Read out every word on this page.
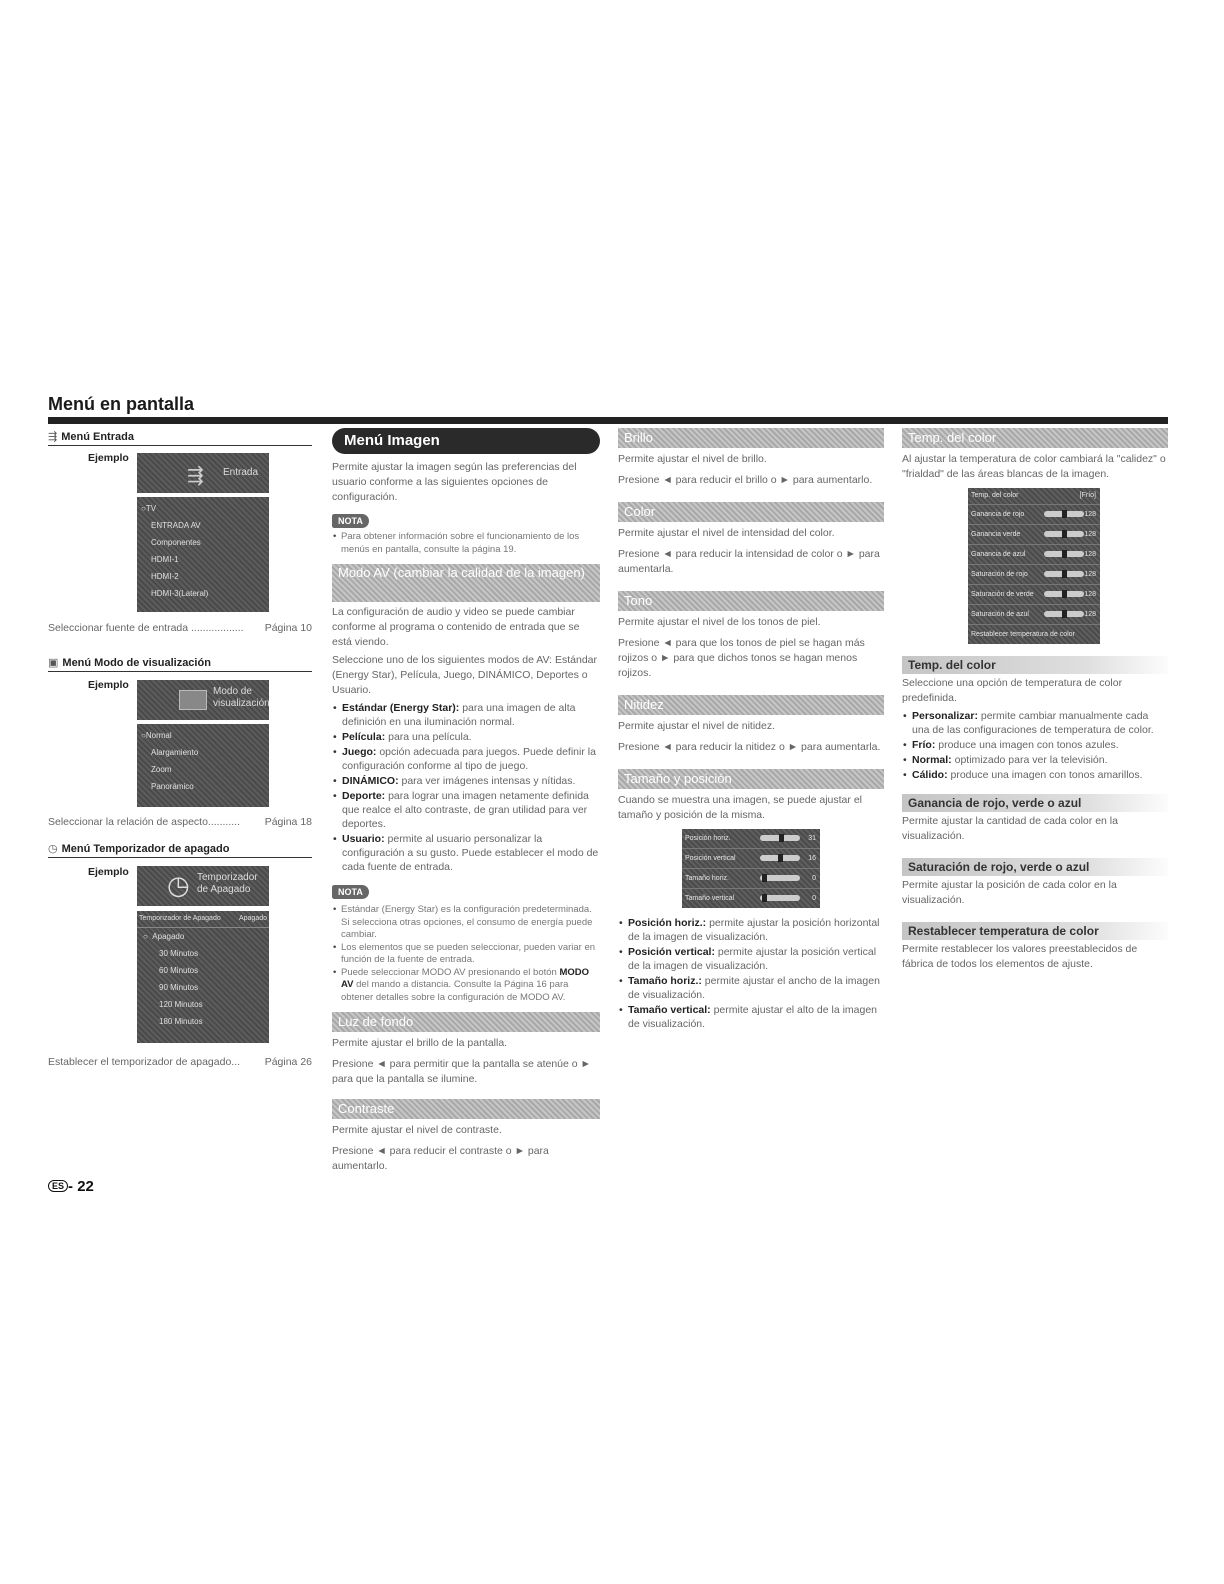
Menú en pantalla
⇶ Menú Entrada
Ejemplo
⇶ Entrada
○TV
ENTRADA AV
Componentes
HDMI-1
HDMI-2
HDMI-3(Lateral)
Seleccionar fuente de entrada .................. Página 10
▣ Menú Modo de visualización
Ejemplo
Modo de visualización
○Normal
Alargamiento
Zoom
Panorámico
Seleccionar la relación de aspecto........... Página 18
◷ Menú Temporizador de apagado
Ejemplo ◷ Temporizador de Apagado
Temporizador de Apagado	Apagado
○  Apagado
30 Minutos
60 Minutos
90 Minutos
120 Minutos
180 Minutos
Establecer el temporizador de apagado... Página 26
ES - 22
Menú Imagen

Permite ajustar la imagen según las preferencias del usuario conforme a las siguientes opciones de configuración.

NOTA
• Para obtener información sobre el funcionamiento de los menús en pantalla, consulte la página 19.
Modo AV (cambiar la calidad de la imagen)

La configuración de audio y video se puede cambiar conforme al programa o contenido de entrada que se está viendo.

Seleccione uno de los siguientes modos de AV: Estándar (Energy Star), Película, Juego, DINÁMICO, Deportes o Usuario.

• Estándar (Energy Star): para una imagen de alta definición en una iluminación normal.
• Película: para una película.
• Juego: opción adecuada para juegos. Puede definir la configuración conforme al tipo de juego.
• DINÁMICO: para ver imágenes intensas y nítidas.
• Deporte: para lograr una imagen netamente definida que realce el alto contraste, de gran utilidad para ver deportes.
• Usuario: permite al usuario personalizar la configuración a su gusto. Puede establecer el modo de cada fuente de entrada.
NOTA
• Estándar (Energy Star) es la configuración predeterminada. Si selecciona otras opciones, el consumo de energía puede cambiar.
• Los elementos que se pueden seleccionar, pueden variar en función de la fuente de entrada.
• Puede seleccionar MODO AV presionando el botón MODO AV del mando a distancia. Consulte la Página 16 para obtener detalles sobre la configuración de MODO AV.
Luz de fondo

Permite ajustar el brillo de la pantalla.

Presione ◄ para permitir que la pantalla se atenúe o ► para que la pantalla se ilumine.

Contraste

Permite ajustar el nivel de contraste.

Presione ◄ para reducir el contraste o ► para aumentarlo.

Brillo

Permite ajustar el nivel de brillo.

Presione ◄ para reducir el brillo o ► para aumentarlo.

Color

Permite ajustar el nivel de intensidad del color.

Presione ◄ para reducir la intensidad de color o ► para aumentarla.

Tono

Permite ajustar el nivel de los tonos de piel.

Presione ◄ para que los tonos de piel se hagan más rojizos o ► para que dichos tonos se hagan menos rojizos.

Nitidez

Permite ajustar el nivel de nitidez.

Presione ◄ para reducir la nitidez o ► para aumentarla.

Tamaño y posición

Cuando se muestra una imagen, se puede ajustar el tamaño y posición de la misma.

Posición horiz.	31
Posición vertical	16
Tamaño horiz.	0
Tamaño vertical	0
• Posición horiz.: permite ajustar la posición horizontal de la imagen de visualización.
• Posición vertical: permite ajustar la posición vertical de la imagen de visualización.
• Tamaño horiz.: permite ajustar el ancho de la imagen de visualización.
• Tamaño vertical: permite ajustar el alto de la imagen de visualización.
Temp. del color

Al ajustar la temperatura de color cambiará la "calidez" o "frialdad" de las áreas blancas de la imagen.

Temp. del color	[Frío]
Ganancia de rojo	128
Ganancia verde	128
Ganancia de azul	128
Saturación de rojo	128
Saturación de verde	128
Saturación de azul	128
Restablecer temperatura de color
Temp. del color

Seleccione una opción de temperatura de color predefinida.

• Personalizar: permite cambiar manualmente cada una de las configuraciones de temperatura de color.
• Frío: produce una imagen con tonos azules.
• Normal: optimizado para ver la televisión.
• Cálido: produce una imagen con tonos amarillos.
Ganancia de rojo, verde o azul

Permite ajustar la cantidad de cada color en la visualización.

Saturación de rojo, verde o azul

Permite ajustar la posición de cada color en la visualización.

Restablecer temperatura de color

Permite restablecer los valores preestablecidos de fábrica de todos los elementos de ajuste.
